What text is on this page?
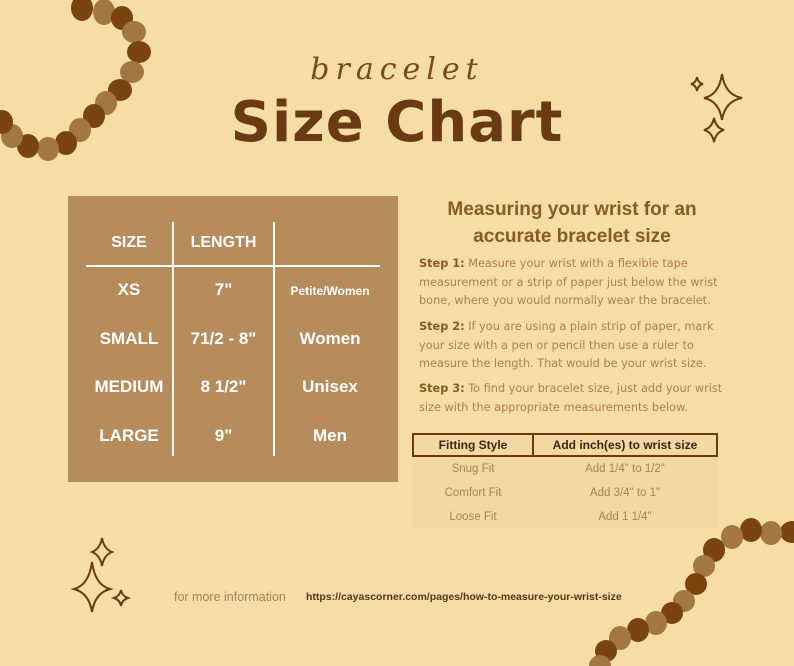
bracelet
Size Chart
SIZE	LENGTH
XS	7"	Petite/Women
SMALL	71/2 - 8"	Women
MEDIUM	8 1/2"	Unisex
LARGE	9"	Men
Measuring your wrist for an accurate bracelet size
Step 1: Measure your wrist with a flexible tape measurement or a strip of paper just below the wrist bone, where you would normally wear the bracelet.
Step 2: If you are using a plain strip of paper, mark your size with a pen or pencil then use a ruler to measure the length. That would be your wrist size.
Step 3: To find your bracelet size, just add your wrist size with the appropriate measurements below.
Fitting Style	Add inch(es) to wrist size
Snug Fit	Add 1/4" to 1/2"
Comfort Fit	Add 3/4" to 1"
Loose Fit	Add 1 1/4"
for more information https://cayascorner.com/pages/how-to-measure-your-wrist-size
